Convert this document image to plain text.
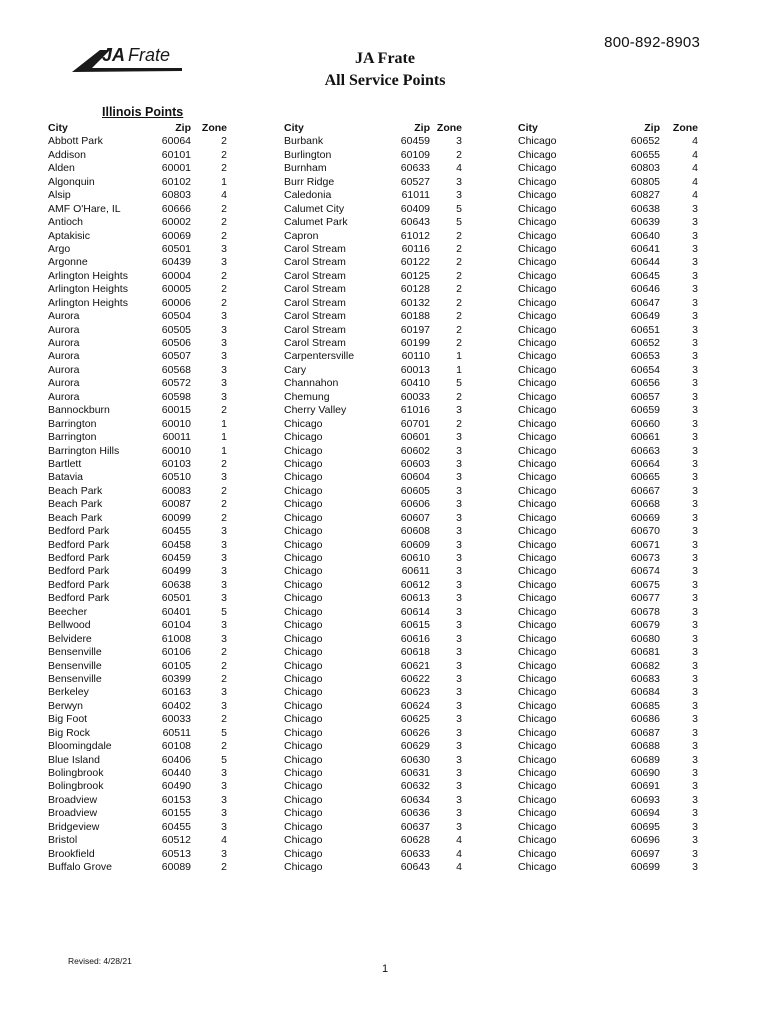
JA Frate
800-892-8903
JA Frate
All Service Points
Illinois Points
City	Zip	Zone
Abbott Park	60064	2
Addison	60101	2
Alden	60001	2
Algonquin	60102	1
Alsip	60803	4
AMF O'Hare, IL	60666	2
Antioch	60002	2
Aptakisic	60069	2
Argo	60501	3
Argonne	60439	3
Arlington Heights	60004	2
Arlington Heights	60005	2
Arlington Heights	60006	2
Aurora	60504	3
Aurora	60505	3
Aurora	60506	3
Aurora	60507	3
Aurora	60568	3
Aurora	60572	3
Aurora	60598	3
Bannockburn	60015	2
Barrington	60010	1
Barrington	60011	1
Barrington Hills	60010	1
Bartlett	60103	2
Batavia	60510	3
Beach Park	60083	2
Beach Park	60087	2
Beach Park	60099	2
Bedford Park	60455	3
Bedford Park	60458	3
Bedford Park	60459	3
Bedford Park	60499	3
Bedford Park	60638	3
Bedford Park	60501	3
Beecher	60401	5
Bellwood	60104	3
Belvidere	61008	3
Bensenville	60106	2
Bensenville	60105	2
Bensenville	60399	2
Berkeley	60163	3
Berwyn	60402	3
Big Foot	60033	2
Big Rock	60511	5
Bloomingdale	60108	2
Blue Island	60406	5
Bolingbrook	60440	3
Bolingbrook	60490	3
Broadview	60153	3
Broadview	60155	3
Bridgeview	60455	3
Bristol	60512	4
Brookfield	60513	3
Buffalo Grove	60089	2
City	Zip Zone
Burbank	60459	3
Burlington	60109	2
Burnham	60633	4
Burr Ridge	60527	3
Caledonia	61011	3
Calumet City	60409	5
Calumet Park	60643	5
Capron	61012	2
Carol Stream	60116	2
Carol Stream	60122	2
Carol Stream	60125	2
Carol Stream	60128	2
Carol Stream	60132	2
Carol Stream	60188	2
Carol Stream	60197	2
Carol Stream	60199	2
Carpentersville	60110	1
Cary	60013	1
Channahon	60410	5
Chemung	60033	2
Cherry Valley	61016	3
Chicago	60701	2
Chicago	60601	3
Chicago	60602	3
Chicago	60603	3
Chicago	60604	3
Chicago	60605	3
Chicago	60606	3
Chicago	60607	3
Chicago	60608	3
Chicago	60609	3
Chicago	60610	3
Chicago	60611	3
Chicago	60612	3
Chicago	60613	3
Chicago	60614	3
Chicago	60615	3
Chicago	60616	3
Chicago	60618	3
Chicago	60621	3
Chicago	60622	3
Chicago	60623	3
Chicago	60624	3
Chicago	60625	3
Chicago	60626	3
Chicago	60629	3
Chicago	60630	3
Chicago	60631	3
Chicago	60632	3
Chicago	60634	3
Chicago	60636	3
Chicago	60637	3
Chicago	60628	4
Chicago	60633	4
Chicago	60643	4
City	Zip	Zone
Chicago	60652	4
Chicago	60655	4
Chicago	60803	4
Chicago	60805	4
Chicago	60827	4
Chicago	60638	3
Chicago	60639	3
Chicago	60640	3
Chicago	60641	3
Chicago	60644	3
Chicago	60645	3
Chicago	60646	3
Chicago	60647	3
Chicago	60649	3
Chicago	60651	3
Chicago	60652	3
Chicago	60653	3
Chicago	60654	3
Chicago	60656	3
Chicago	60657	3
Chicago	60659	3
Chicago	60660	3
Chicago	60661	3
Chicago	60663	3
Chicago	60664	3
Chicago	60665	3
Chicago	60667	3
Chicago	60668	3
Chicago	60669	3
Chicago	60670	3
Chicago	60671	3
Chicago	60673	3
Chicago	60674	3
Chicago	60675	3
Chicago	60677	3
Chicago	60678	3
Chicago	60679	3
Chicago	60680	3
Chicago	60681	3
Chicago	60682	3
Chicago	60683	3
Chicago	60684	3
Chicago	60685	3
Chicago	60686	3
Chicago	60687	3
Chicago	60688	3
Chicago	60689	3
Chicago	60690	3
Chicago	60691	3
Chicago	60693	3
Chicago	60694	3
Chicago	60695	3
Chicago	60696	3
Chicago	60697	3
Chicago	60699	3
Revised: 4/28/21
1
